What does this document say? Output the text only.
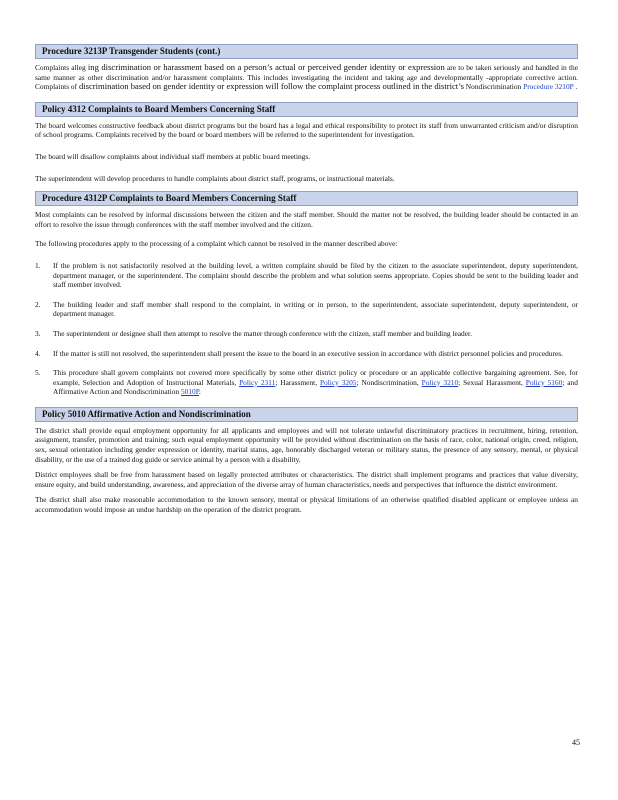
Procedure 3213P Transgender Students (cont.)

Complaints alleg ing discrimination or harassment based on a person’s actual or perceived gender identity or expression are to be taken seriously and handled in the same manner as other discrimination and/or harassment complaints. This includes investigating the incident and taking age and developmentally -appropriate corrective action. Complaints of discrimination based on gender identity or expression will follow the complaint process outlined in the district’s Nondiscrimination Procedure 3210P .

Policy 4312 Complaints to Board Members Concerning Staff

The board welcomes constructive feedback about district programs but the board has a legal and ethical responsibility to protect its staff from unwarranted criticism and/or disruption of school programs. Complaints received by the board or board members will be referred to the superintendent for investigation.

The board will disallow complaints about individual staff members at public board meetings.

The superintendent will develop procedures to handle complaints about district staff, programs, or instructional materials.

Procedure 4312P Complaints to Board Members Concerning Staff

Most complaints can be resolved by informal discussions between the citizen and the staff member. Should the matter not be resolved, the building leader should be contacted in an effort to resolve the issue through conferences with the staff member involved and the citizen.

The following procedures apply to the processing of a complaint which cannot be resolved in the manner described above:

1. If the problem is not satisfactorily resolved at the building level, a written complaint should be filed by the citizen to the associate superintendent, deputy superintendent, department manager, or the superintendent. The complaint should describe the problem and what solution seems appropriate. Copies should be sent to the building leader and staff member involved.
2. The building leader and staff member shall respond to the complaint, in writing or in person, to the superintendent, associate superintendent, deputy superintendent, or department manager.
3. The superintendent or designee shall then attempt to resolve the matter through conference with the citizen, staff member and building leader.
4. If the matter is still not resolved, the superintendent shall present the issue to the board in an executive session in accordance with district personnel policies and procedures.
5. This procedure shall govern complaints not covered more specifically by some other district policy or procedure or an applicable collective bargaining agreement. See, for example, Selection and Adoption of Instructional Materials, Policy 2311; Harassment, Policy 3205; Nondiscrimination, Policy 3210; Sexual Harassment, Policy 5160; and Affirmative Action and Nondiscrimination 5010P.
Policy 5010 Affirmative Action and Nondiscrimination

The district shall provide equal employment opportunity for all applicants and employees and will not tolerate unlawful discriminatory practices in recruitment, hiring, retention, assignment, transfer, promotion and training; such equal employment opportunity will be provided without discrimination on the basis of race, color, national origin, creed, religion, sex, sexual orientation including gender expression or identity, marital status, age, honorably discharged veteran or military status, the presence of any sensory, mental, or physical disability, or the use of a trained dog guide or service animal by a person with a disability.

District employees shall be free from harassment based on legally protected attributes or characteristics. The district shall implement programs and practices that value diversity, ensure equity, and build understanding, awareness, and appreciation of the diverse array of human characteristics, needs and perspectives that influence the district environment.

The district shall also make reasonable accommodation to the known sensory, mental or physical limitations of an otherwise qualified disabled applicant or employee unless an accommodation would impose an undue hardship on the operation of the district program.

45
